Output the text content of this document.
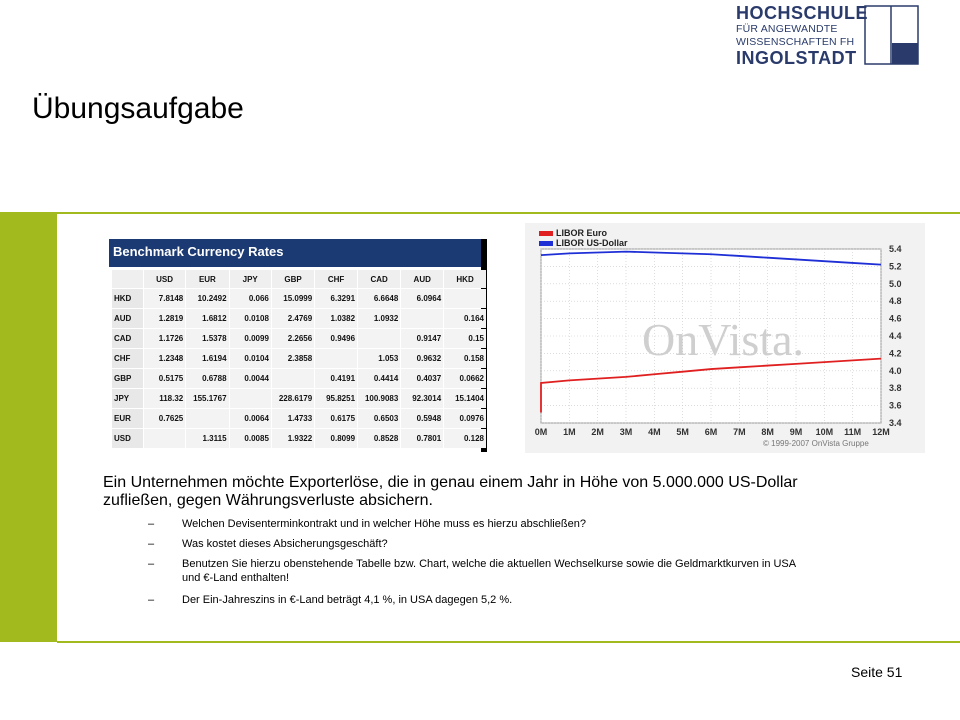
HOCHSCHULE
FÜR ANGEWANDTE
WISSENSCHAFTEN FH
INGOLSTADT
Übungsaufgabe
Benchmark Currency Rates
	USD	EUR	JPY	GBP	CHF	CAD	AUD	HKD
HKD	7.8148	10.2492	0.066	15.0999	6.3291	6.6648	6.0964	
AUD	1.2819	1.6812	0.0108	2.4769	1.0382	1.0932		0.164
CAD	1.1726	1.5378	0.0099	2.2656	0.9496		0.9147	0.15
CHF	1.2348	1.6194	0.0104	2.3858		1.053	0.9632	0.158
GBP	0.5175	0.6788	0.0044		0.4191	0.4414	0.4037	0.0662
JPY	118.32	155.1767		228.6179	95.8251	100.9083	92.3014	15.1404
EUR	0.7625		0.0064	1.4733	0.6175	0.6503	0.5948	0.0976
USD		1.3115	0.0085	1.9322	0.8099	0.8528	0.7801	0.128
5.4
5.2
5.0
4.8
4.6
4.4
4.2
4.0
3.8
3.6
3.4
0M 1M 2M 3M 4M 5M 6M 7M 8M 9M 10M 11M 12M
OnVista.
LIBOR Euro
LIBOR US-Dollar
© 1999-2007 OnVista Gruppe
Ein Unternehmen möchte Exporterlöse, die in genau einem Jahr in Höhe von 5.000.000 US-Dollar zufließen, gegen Währungsverluste absichern.
–	Welchen Devisenterminkontrakt und in welcher Höhe muss es hierzu abschließen?
–	Was kostet dieses Absicherungsgeschäft?
–	Benutzen Sie hierzu obenstehende Tabelle bzw. Chart, welche die aktuellen Wechselkurse sowie die Geldmarktkurven in USA und €-Land enthalten!
–	Der Ein-Jahreszins in €-Land beträgt 4,1 %, in USA dagegen 5,2 %.
Seite 51
